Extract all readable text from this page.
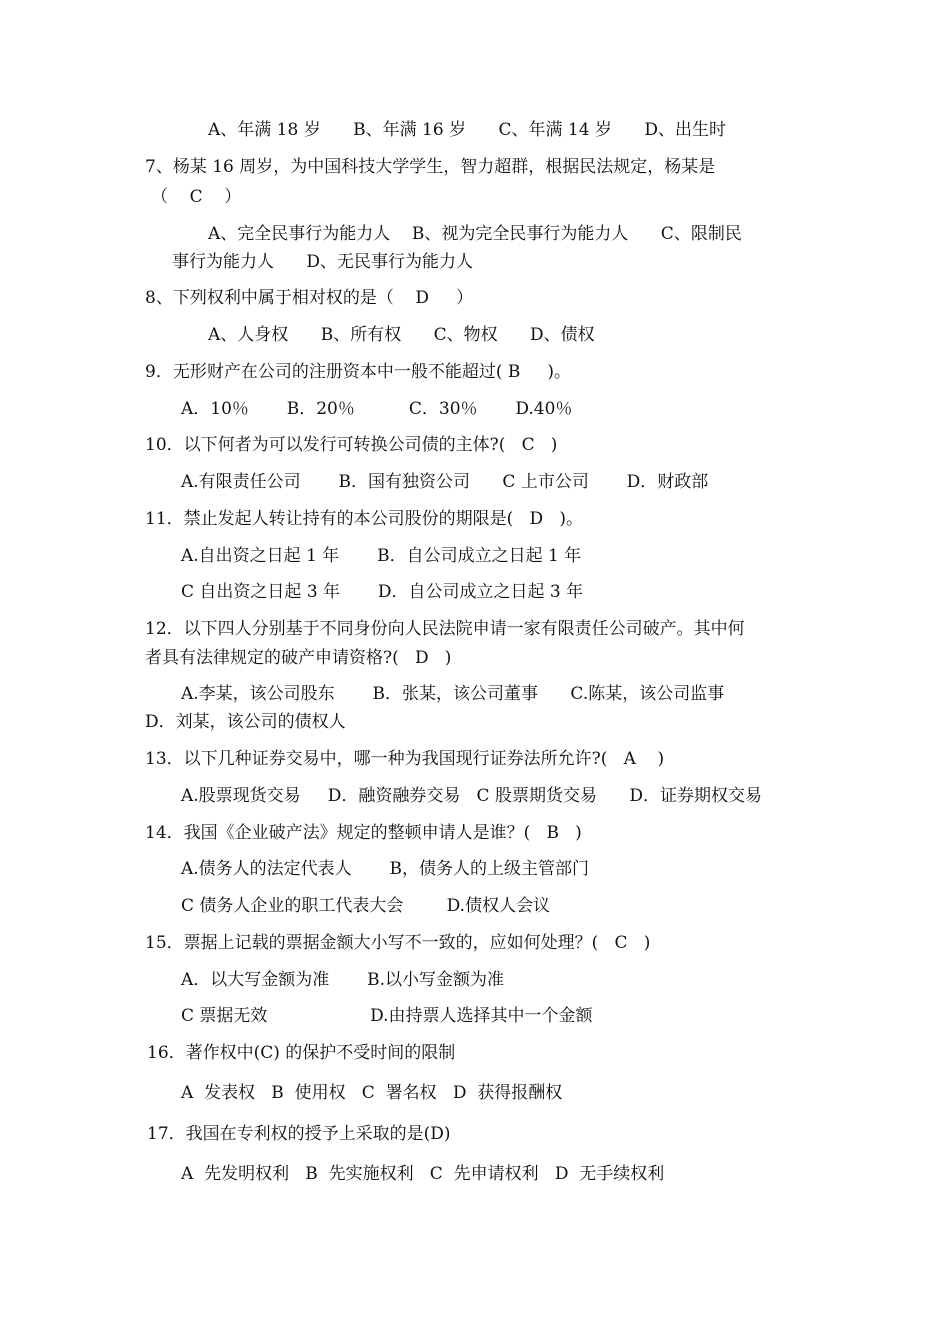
A、年满 18 岁      B、年满 16 岁      C、年满 14 岁      D、出生时
7、杨某 16 周岁，为中国科技大学学生，智力超群，根据民法规定，杨某是
（    C    ）
A、完全民事行为能力人    B、视为完全民事行为能力人      C、限制民
事行为能力人      D、无民事行为能力人
8、下列权利中属于相对权的是（    D     ）
A、人身权      B、所有权      C、物权      D、债权
9．无形财产在公司的注册资本中一般不能超过( B     )。
A．10％       B．20％          C．30％       D.40％
10．以下何者为可以发行可转换公司债的主体?(   C   )
A.有限责任公司       B．国有独资公司      C 上市公司       D．财政部
11．禁止发起人转让持有的本公司股份的期限是(   D   )。
A.自出资之日起 1 年       B．自公司成立之日起 1 年
C 自出资之日起 3 年       D．自公司成立之日起 3 年
12．以下四人分别基于不同身份向人民法院申请一家有限责任公司破产。其中何
者具有法律规定的破产申请资格?(   D   )
A.李某，该公司股东       B．张某，该公司董事      C.陈某，该公司监事
D．刘某，该公司的债权人
13．以下几种证券交易中，哪一种为我国现行证券法所允许?(   A    )
A.股票现货交易     D．融资融券交易   C 股票期货交易      D．证券期权交易
14．我国《企业破产法》规定的整顿申请人是谁？(   B   )
A.债务人的法定代表人       B，债务人的上级主管部门
C 债务人企业的职工代表大会        D.债权人会议
15．票据上记载的票据金额大小写不一致的，应如何处理？(   C   )
A．以大写金额为准       B.以小写金额为准
C 票据无效                   D.由持票人选择其中一个金额
16．著作权中(C) 的保护不受时间的限制
A  发表权   B  使用权   C  署名权   D  获得报酬权
17．我国在专利权的授予上采取的是(D)
A  先发明权利   B  先实施权利   C  先申请权利   D  无手续权利
